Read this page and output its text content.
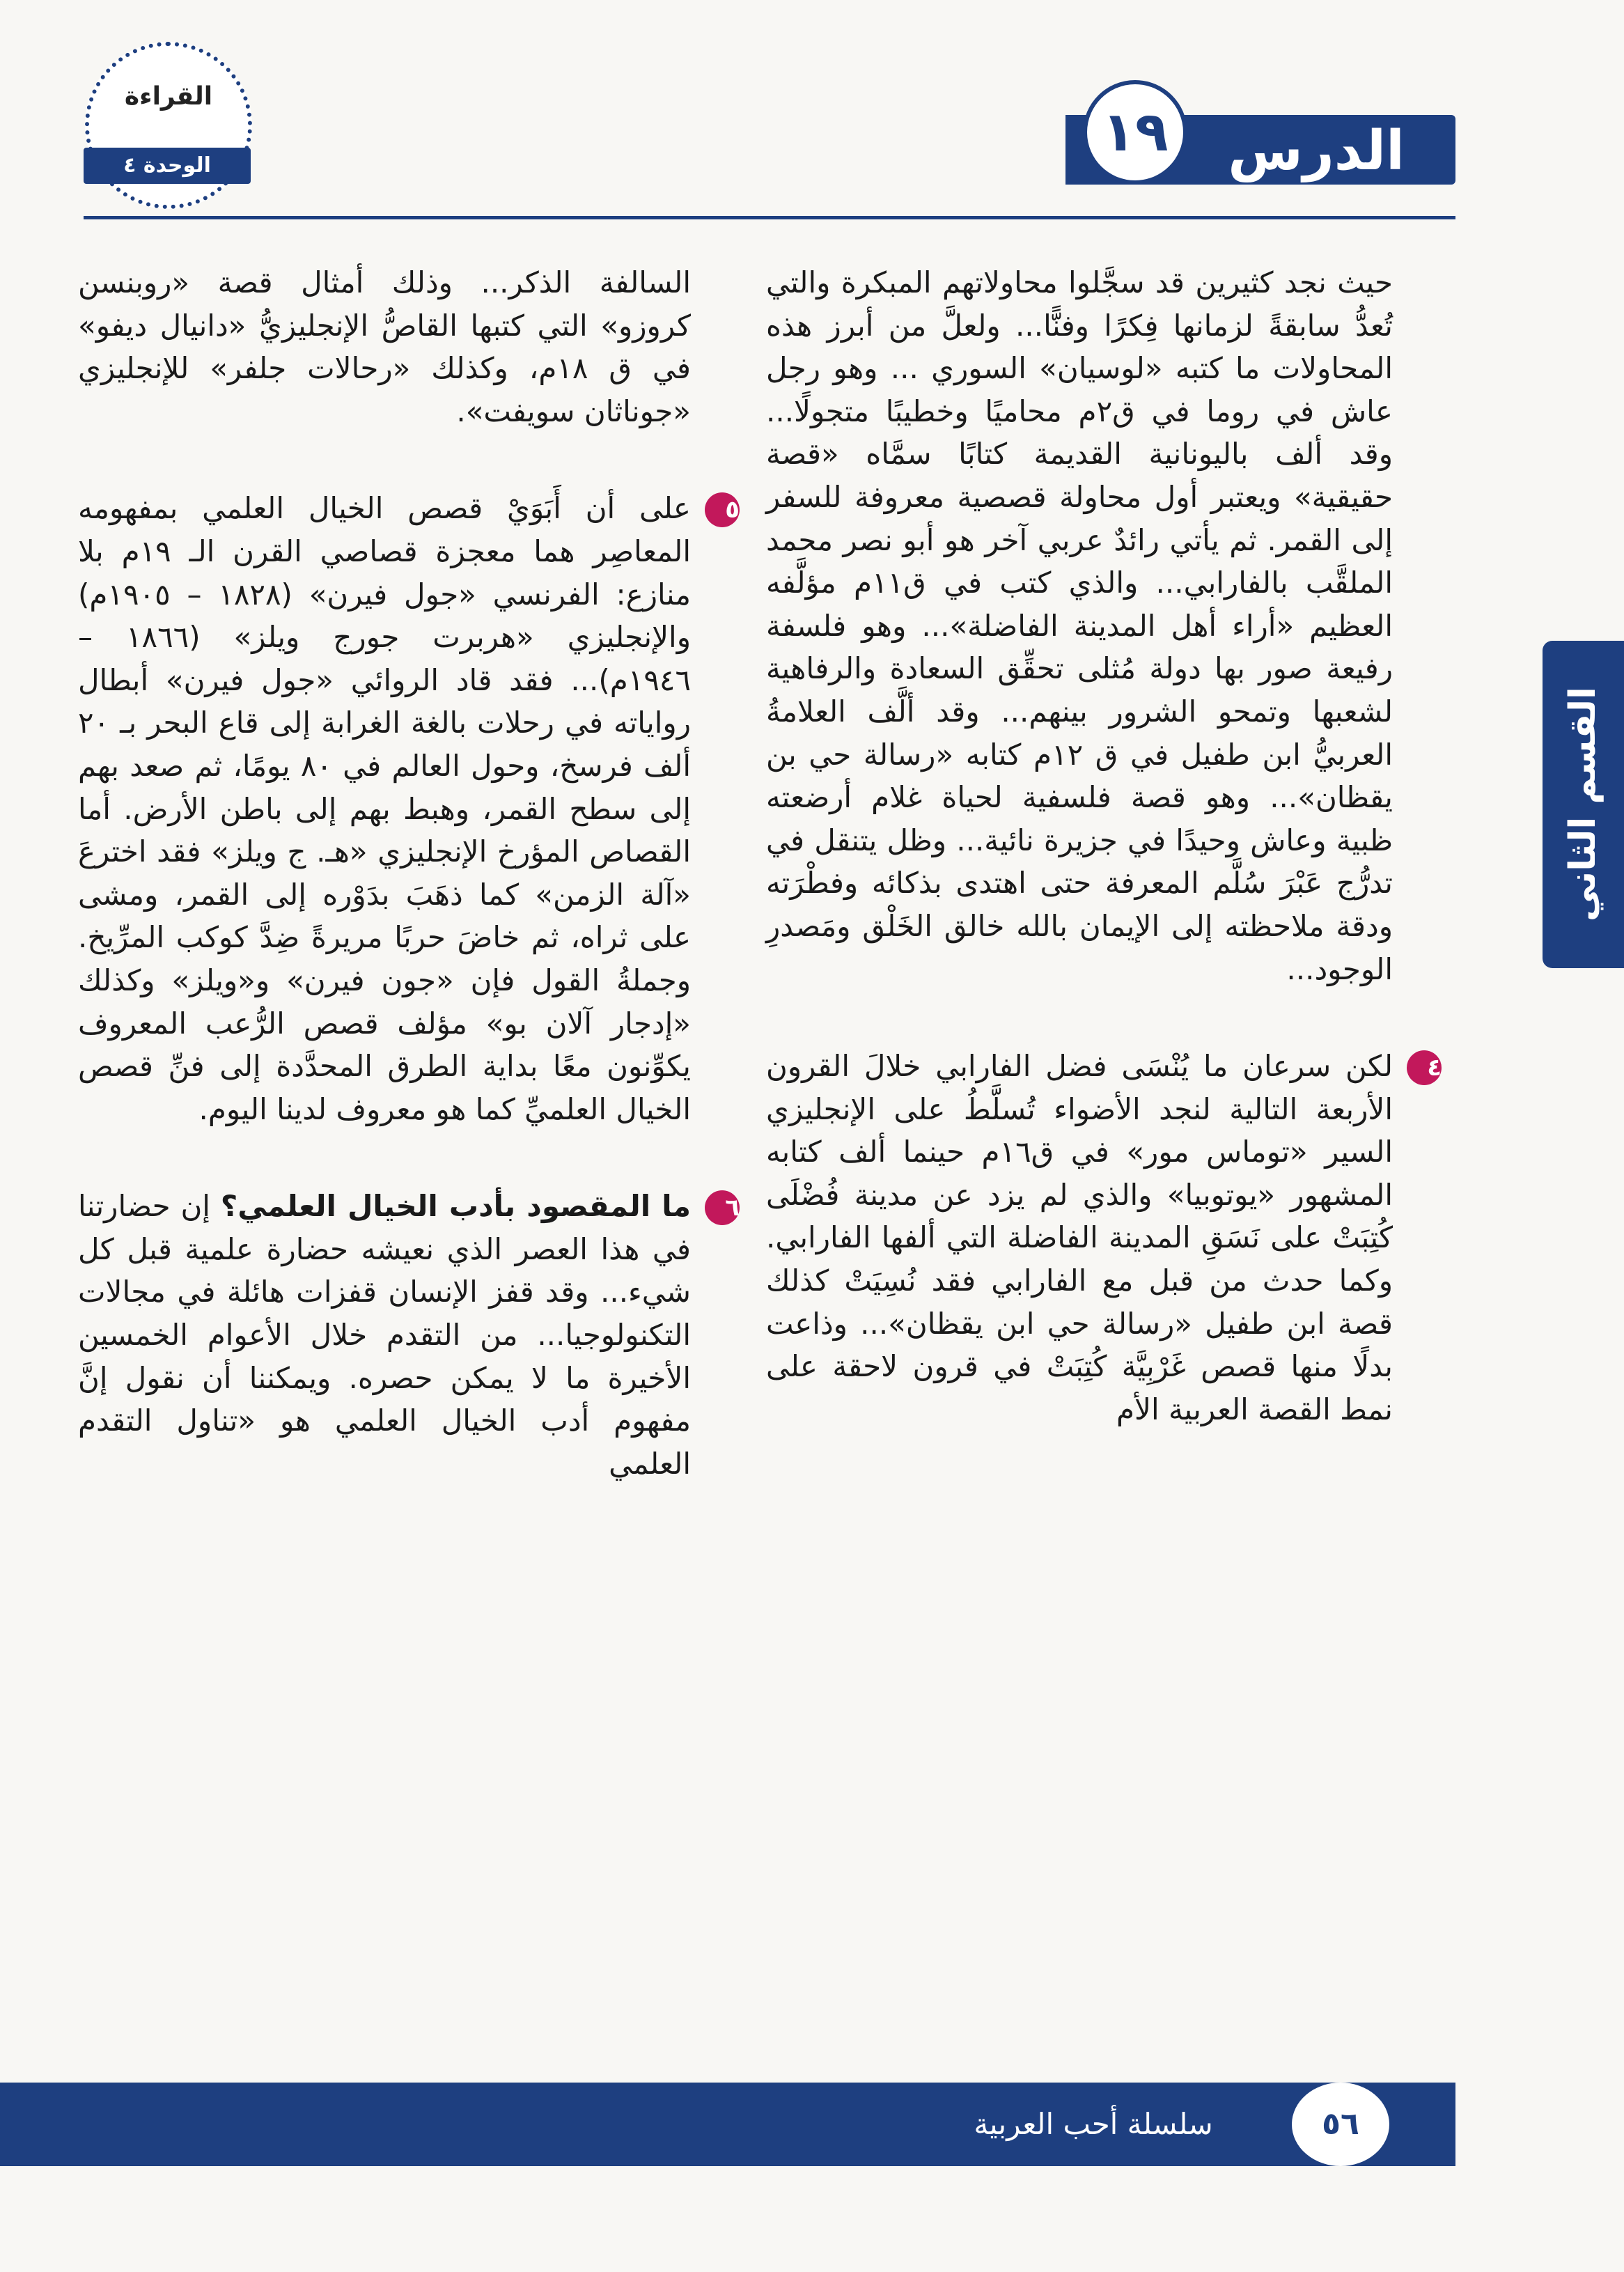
الدرس
١٩
القراءة
الوحدة ٤
القسم الثاني

حيث نجد كثيرين قد سجَّلوا محاولاتهم المبكرة والتي تُعدُّ سابقةً لزمانها فِكرًا وفنًّا... ولعلَّ من أبرز هذه المحاولات ما كتبه «لوسيان» السوري ... وهو رجل عاش في روما في ق٢م محاميًا وخطيبًا متجولًا... وقد ألف باليونانية القديمة كتابًا سمَّاه «قصة حقيقية» ويعتبر أول محاولة قصصية معروفة للسفر إلى القمر. ثم يأتي رائدٌ عربي آخر هو أبو نصر محمد الملقَّب بالفارابي... والذي كتب في ق١١م مؤلَّفه العظيم «أراء أهل المدينة الفاضلة»... وهو فلسفة رفيعة صور بها دولة مُثلى تحقِّق السعادة والرفاهية لشعبها وتمحو الشرور بينهم... وقد ألَّف العلامةُ العربيُّ ابن طفيل في ق ١٢م كتابه «رسالة حي بن يقظان»... وهو قصة فلسفية لحياة غلام أرضعته ظبية وعاش وحيدًا في جزيرة نائية... وظل يتنقل في تدرُّج عَبْرَ سُلَّم المعرفة حتى اهتدى بذكائه وفطْرَته ودقة ملاحظته إلى الإيمان بالله خالق الخَلْق ومَصدرِ الوجود...

٤
لكن سرعان ما يُنْسَى فضل الفارابي خلالَ القرون الأربعة التالية لنجد الأضواء تُسلَّطُ على الإنجليزي السير «توماس مور» في ق١٦م حينما ألف كتابه المشهور «يوتوبيا» والذي لم يزد عن مدينة فُضْلَى كُتِبَتْ على نَسَقِ المدينة الفاضلة التي ألفها الفارابي. وكما حدث من قبل مع الفارابي فقد نُسِيَتْ كذلك قصة ابن طفيل «رسالة حي ابن يقظان»... وذاعت بدلًا منها قصص غَرْبِيَّة كُتِبَتْ في قرون لاحقة على نمط القصة العربية الأم

السالفة الذكر... وذلك أمثال قصة «روبنسن كروزو» التي كتبها القاصُّ الإنجليزيُّ «دانيال ديفو» في ق ١٨م، وكذلك «رحالات جلفر» للإنجليزي «جوناثان سويفت».

٥
على أن أَبَوَيْ قصص الخيال العلمي بمفهومه المعاصِر هما معجزة قصاصي القرن الـ ١٩م بلا منازع: الفرنسي «جول فيرن» (١٨٢٨ – ١٩٠٥م) والإنجليزي «هربرت جورج ويلز» (١٨٦٦ – ١٩٤٦م)... فقد قاد الروائي «جول فيرن» أبطال رواياته في رحلات بالغة الغرابة إلى قاع البحر بـ ٢٠ ألف فرسخ، وحول العالم في ٨٠ يومًا، ثم صعد بهم إلى سطح القمر، وهبط بهم إلى باطن الأرض. أما القصاص المؤرخ الإنجليزي «هـ. ج ويلز» فقد اخترعَ «آلة الزمن» كما ذهَبَ بدَوْره إلى القمر، ومشى على ثراه، ثم خاضَ حربًا مريرةً ضِدَّ كوكب المرِّيخ. وجملةُ القول فإن «جون فيرن» و«ويلز» وكذلك «إدجار آلان بو» مؤلف قصص الرُّعب المعروف يكوِّنون معًا بداية الطرق المحدَّدة إلى فنِّ قصص الخيال العلميِّ كما هو معروف لدينا اليوم.

٦
ما المقصود بأدب الخيال العلمي؟ إن حضارتنا في هذا العصر الذي نعيشه حضارة علمية قبل كل شيء... وقد قفز الإنسان قفزات هائلة في مجالات التكنولوجيا... من التقدم خلال الأعوام الخمسين الأخيرة ما لا يمكن حصره. ويمكننا أن نقول إنَّ مفهوم أدب الخيال العلمي هو «تناول التقدم العلمي

سلسلة أحب العربية	٥٦
